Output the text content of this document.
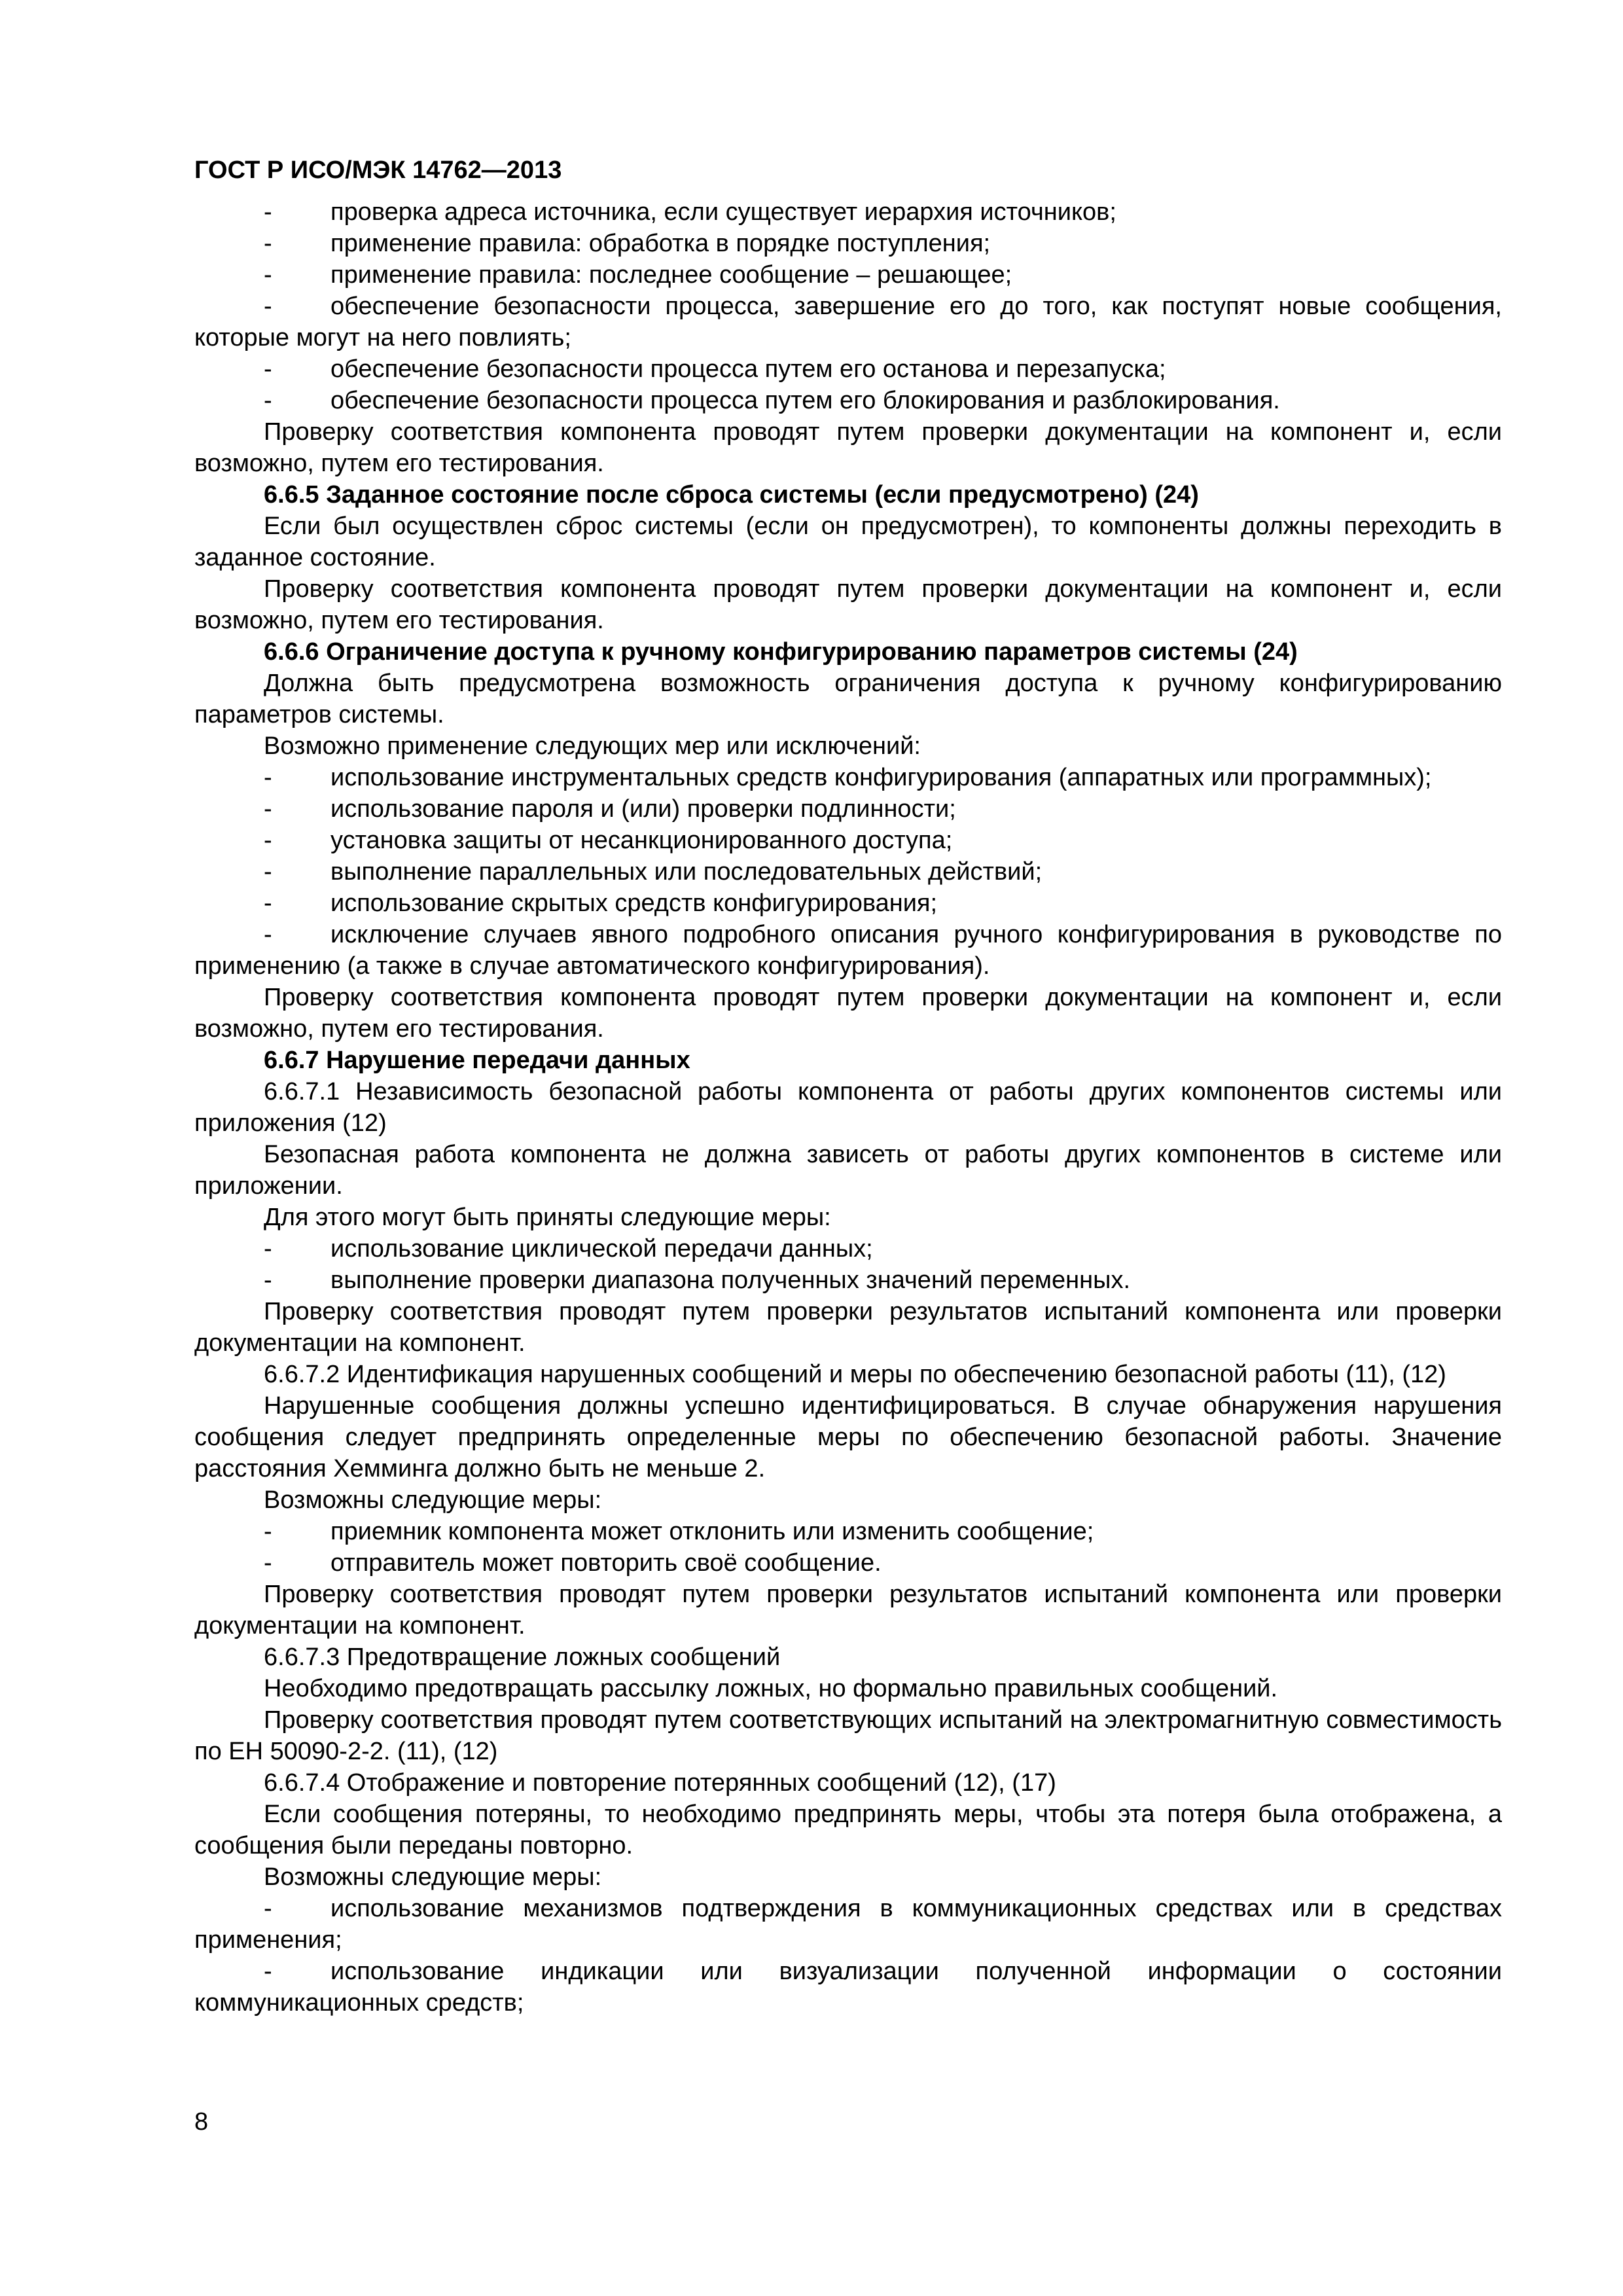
ГОСТ Р ИСО/МЭК 14762—2013

- проверка адреса источника, если существует иерархия источников;

- применение правила: обработка в порядке поступления;

- применение правила: последнее сообщение – решающее;

- обеспечение безопасности процесса, завершение его до того, как поступят новые сообщения, которые могут на него повлиять;

- обеспечение безопасности процесса путем его останова и перезапуска;

- обеспечение безопасности процесса путем его блокирования и разблокирования.

Проверку соответствия компонента проводят путем проверки документации на компонент и, если возможно, путем его тестирования.

6.6.5 Заданное состояние после сброса системы (если предусмотрено) (24)

Если был осуществлен сброс системы (если он предусмотрен), то компоненты должны переходить в заданное состояние.

Проверку соответствия компонента проводят путем проверки документации на компонент и, если возможно, путем его тестирования.

6.6.6 Ограничение доступа к ручному конфигурированию параметров системы (24)

Должна быть предусмотрена возможность ограничения доступа к ручному конфигурированию параметров системы.

Возможно применение следующих мер или исключений:

- использование инструментальных средств конфигурирования (аппаратных или программных);

- использование пароля и (или) проверки подлинности;

- установка защиты от несанкционированного доступа;

- выполнение параллельных или последовательных действий;

- использование скрытых средств конфигурирования;

- исключение случаев явного подробного описания ручного конфигурирования в руководстве по применению (а также в случае автоматического конфигурирования).

Проверку соответствия компонента проводят путем проверки документации на компонент и, если возможно, путем его тестирования.

6.6.7 Нарушение передачи данных

6.6.7.1 Независимость безопасной работы компонента от работы других компонентов системы или приложения (12)

Безопасная работа компонента не должна зависеть от работы других компонентов в системе или приложении.

Для этого могут быть приняты следующие меры:

- использование циклической передачи данных;

- выполнение проверки диапазона полученных значений переменных.

Проверку соответствия проводят путем проверки результатов испытаний компонента или проверки документации на компонент.

6.6.7.2 Идентификация нарушенных сообщений и меры по обеспечению безопасной работы (11), (12)

Нарушенные сообщения должны успешно идентифицироваться. В случае обнаружения нарушения сообщения следует предпринять определенные меры по обеспечению безопасной работы. Значение расстояния Хемминга должно быть не меньше 2.

Возможны следующие меры:

- приемник компонента может отклонить или изменить сообщение;

- отправитель может повторить своё сообщение.

Проверку соответствия проводят путем проверки результатов испытаний компонента или проверки документации на компонент.

6.6.7.3 Предотвращение ложных сообщений

Необходимо предотвращать рассылку ложных, но формально правильных сообщений.

Проверку соответствия проводят путем соответствующих испытаний на электромагнитную совместимость по ЕН 50090-2-2. (11), (12)

6.6.7.4 Отображение и повторение потерянных сообщений (12), (17)

Если сообщения потеряны, то необходимо предпринять меры, чтобы эта потеря была отображена, а сообщения были переданы повторно.

Возможны следующие меры:

- использование механизмов подтверждения в коммуникационных средствах или в средствах применения;

- использование индикации или визуализации полученной информации о состоянии коммуникационных средств;

8
